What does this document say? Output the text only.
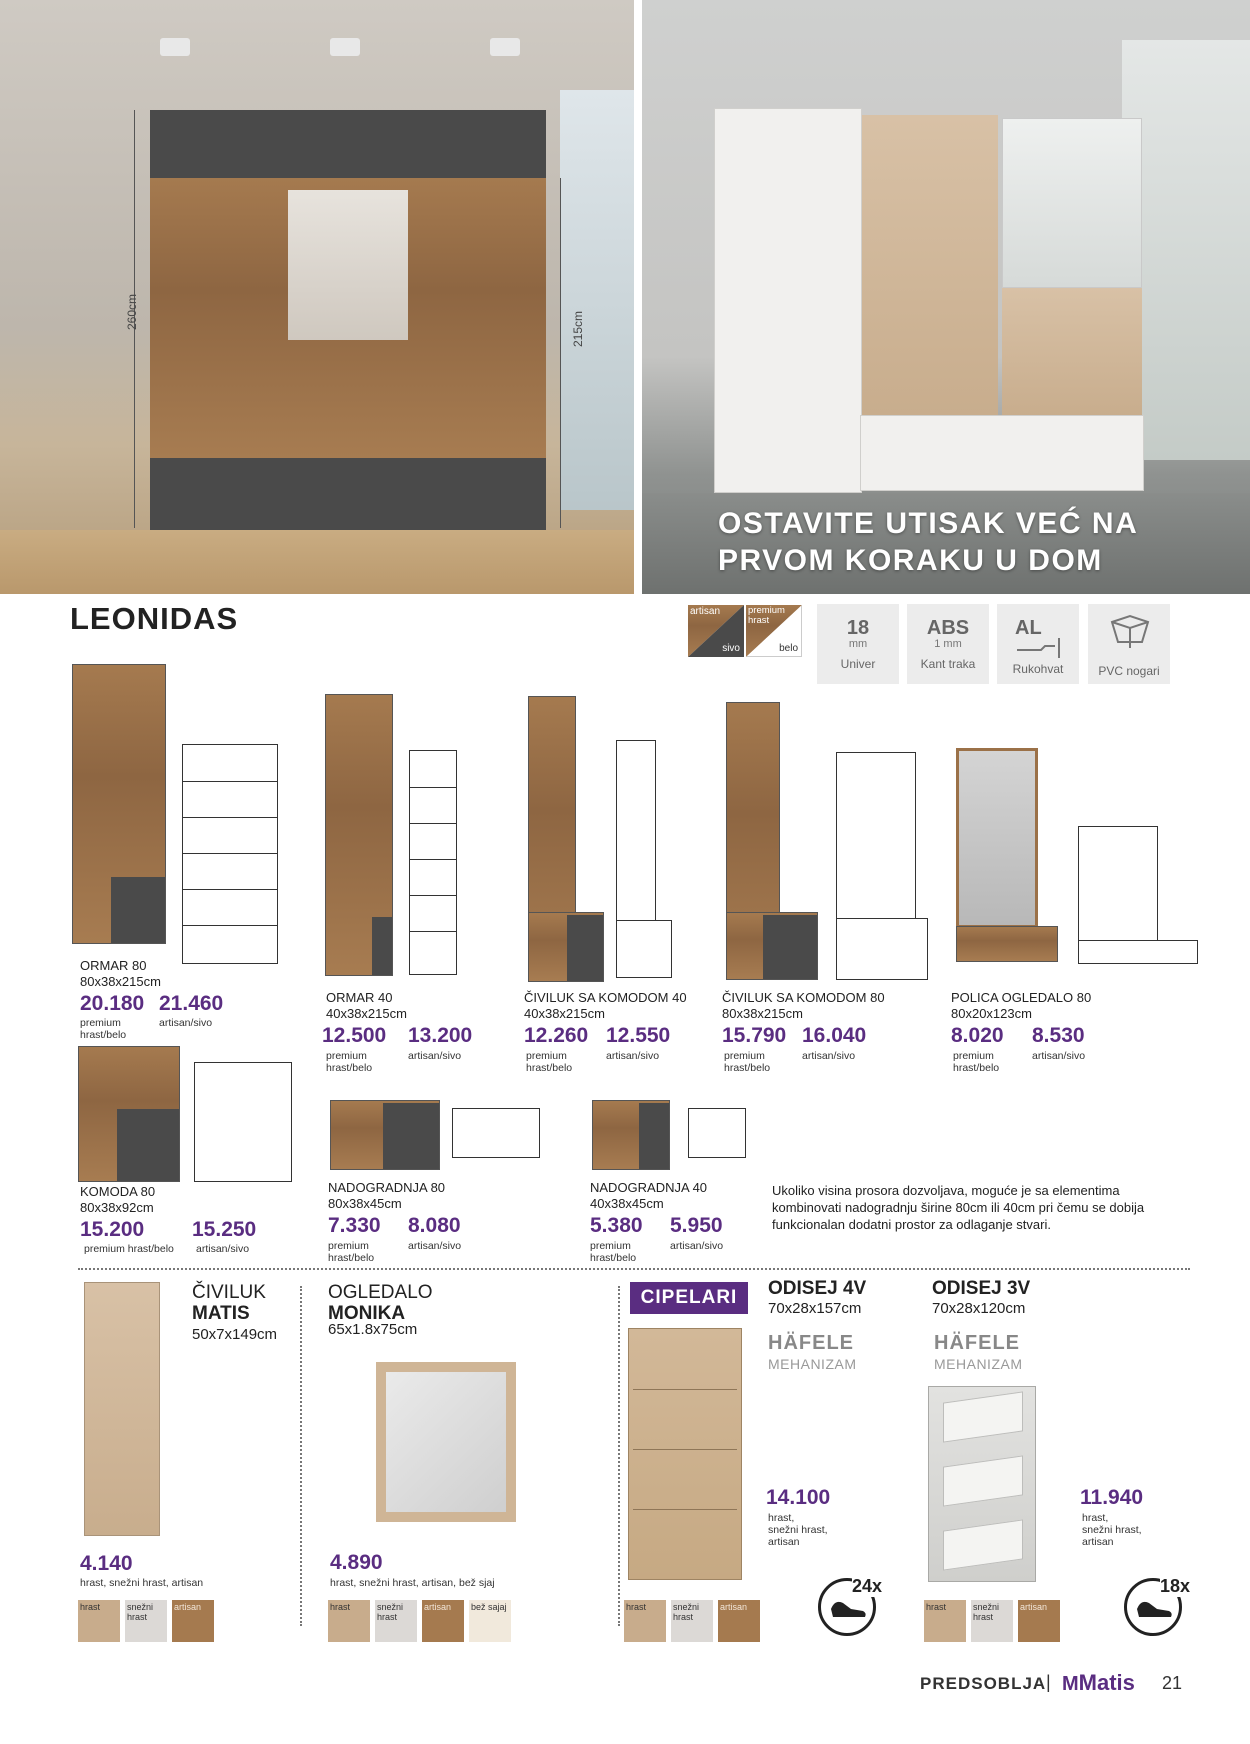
260cm	215cm
OSTAVITE UTISAK VEĆ NA
PRVOM KORAKU U DOM
LEONIDAS	artisan
sivo
premium hrast
belo
18
mm
Univer
ABS
1 mm
Kant traka
AL
Rukohvat	PVC nogari
ORMAR 80
80x38x215cm
20.180
premium hrast/belo
21.460
artisan/sivo
ORMAR 40
40x38x215cm
12.500
premium hrast/belo
13.200
artisan/sivo
ČIVILUK SA KOMODOM 40
40x38x215cm
12.260
premium hrast/belo
12.550
artisan/sivo
ČIVILUK SA KOMODOM 80
80x38x215cm
15.790
premium hrast/belo
16.040
artisan/sivo
POLICA OGLEDALO 80
80x20x123cm
8.020
premium hrast/belo
8.530
artisan/sivo
KOMODA 80
80x38x92cm
15.200
premium hrast/belo
15.250
artisan/sivo
NADOGRADNJA 80
80x38x45cm
7.330
premium hrast/belo
8.080
artisan/sivo
NADOGRADNJA 40
40x38x45cm
5.380
premium hrast/belo
5.950
artisan/sivo
Ukoliko visina prosora dozvoljava, moguće je sa elementima kombinovati nadogradnju širine 80cm ili 40cm pri čemu se dobija funkcionalan dodatni prostor za odlaganje stvari.
ČIVILUK
MATIS
50x7x149cm
4.140
hrast, snežni hrast, artisan
hrast	snežni hrast
artisan
OGLEDALO
MONIKA
65x1.8x75cm
4.890
hrast, snežni hrast, artisan, bež sjaj
hrast	snežni hrast
artisan bež sajaj
CIPELARI	ODISEJ 4V
70x28x157cm
HÄFELE
MEHANIZAM
14.100
hrast,
snežni hrast,
artisan
24x
hrast	snežni hrast
artisan
ODISEJ 3V
70x28x120cm
HÄFELE
MEHANIZAM
11.940
hrast,
snežni hrast,
artisan
18x
hrast	snežni hrast
artisan
PREDSOBLJA | MMatis 21
